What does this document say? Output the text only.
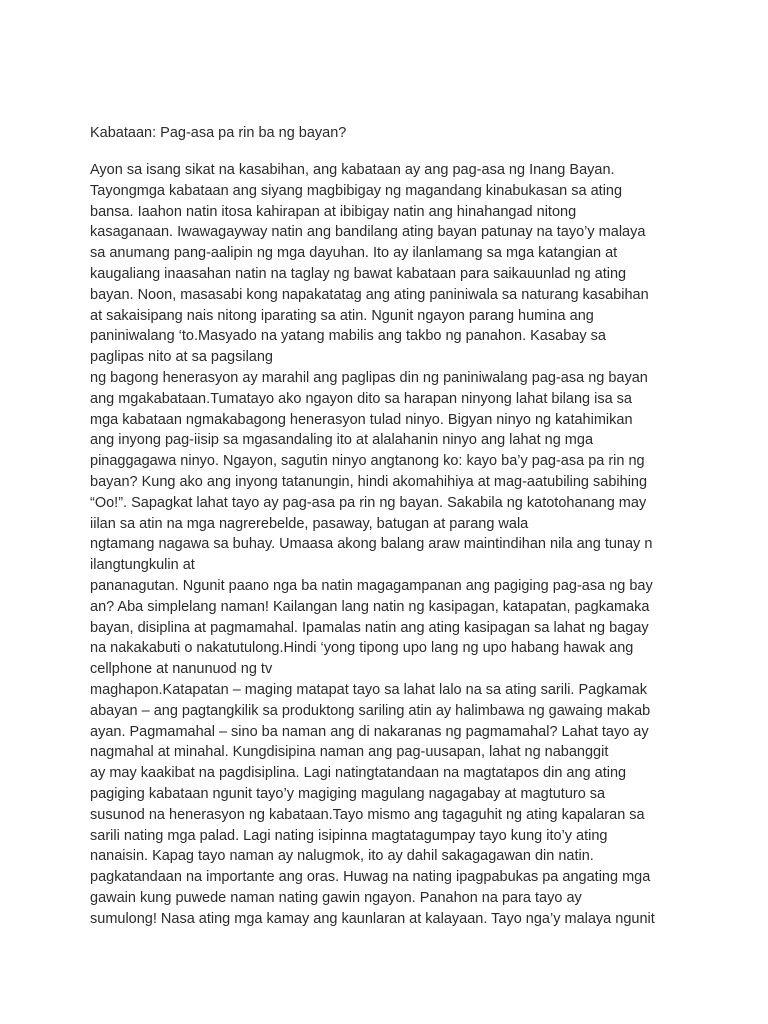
Kabataan: Pag-asa pa rin ba ng bayan?
Ayon sa isang sikat na kasabihan, ang kabataan ay ang pag-asa ng Inang Bayan.
Tayongmga kabataan ang siyang magbibigay ng magandang kinabukasan sa ating
bansa. Iaahon natin itosa kahirapan at ibibigay natin ang hinahangad nitong
kasaganaan. Iwawagayway natin ang bandilang ating bayan patunay na tayo’y malaya
sa anumang pang-aalipin ng mga dayuhan. Ito ay ilanlamang sa mga katangian at
kaugaliang inaasahan natin na taglay ng bawat kabataan para saikauunlad ng ating
bayan. Noon, masasabi kong napakatatag ang ating paniniwala sa naturang kasabihan
at sakaisipang nais nitong iparating sa atin. Ngunit ngayon parang humina ang
paniniwalang ‘to.Masyado na yatang mabilis ang takbo ng panahon. Kasabay sa
paglipas nito at sa pagsilang
ng bagong henerasyon ay marahil ang paglipas din ng paniniwalang pag-asa ng bayan
ang mgakabataan.Tumatayo ako ngayon dito sa harapan ninyong lahat bilang isa sa
mga kabataan ngmakabagong henerasyon tulad ninyo. Bigyan ninyo ng katahimikan
ang inyong pag-iisip sa mgasandaling ito at alalahanin ninyo ang lahat ng mga
pinaggagawa ninyo. Ngayon, sagutin ninyo angtanong ko: kayo ba’y pag-asa pa rin ng
bayan? Kung ako ang inyong tatanungin, hindi akomahihiya at mag-aatubiling sabihing
“Oo!”. Sapagkat lahat tayo ay pag-asa pa rin ng bayan. Sakabila ng katotohanang may
iilan sa atin na mga nagrerebelde, pasaway, batugan at parang wala
ngtamang nagawa sa buhay. Umaasa akong balang araw maintindihan nila ang tunay n
ilangtungkulin at
pananagutan. Ngunit paano nga ba natin magagampanan ang pagiging pag-asa ng bay
an? Aba simplelang naman! Kailangan lang natin ng kasipagan, katapatan, pagkamaka
bayan, disiplina at pagmamahal. Ipamalas natin ang ating kasipagan sa lahat ng bagay
na nakakabuti o nakatutulong.Hindi ‘yong tipong upo lang ng upo habang hawak ang
cellphone at nanunuod ng tv
maghapon.Katapatan – maging matapat tayo sa lahat lalo na sa ating sarili. Pagkamak
abayan – ang pagtangkilik sa produktong sariling atin ay halimbawa ng gawaing makab
ayan. Pagmamahal – sino ba naman ang di nakaranas ng pagmamahal? Lahat tayo ay
nagmahal at minahal. Kungdisipina naman ang pag-uusapan, lahat ng nabanggit
ay may kaakibat na pagdisiplina. Lagi natingtatandaan na magtatapos din ang ating
pagiging kabataan ngunit tayo’y magiging magulang nagagabay at magtuturo sa
susunod na henerasyon ng kabataan.Tayo mismo ang tagaguhit ng ating kapalaran sa
sarili nating mga palad. Lagi nating isipinna magtatagumpay tayo kung ito’y ating
nanaisin. Kapag tayo naman ay nalugmok, ito ay dahil sakagagawan din natin.
pagkatandaan na importante ang oras. Huwag na nating ipagpabukas pa angating mga
gawain kung puwede naman nating gawin ngayon. Panahon na para tayo ay
sumulong! Nasa ating mga kamay ang kaunlaran at kalayaan. Tayo nga’y malaya ngunit
